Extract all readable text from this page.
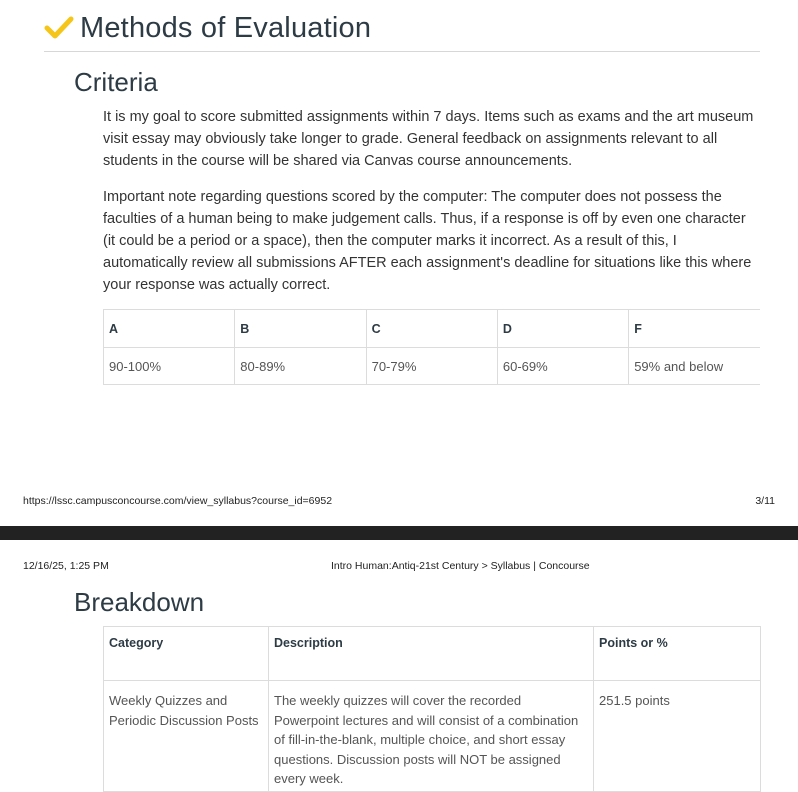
Methods of Evaluation
Criteria
It is my goal to score submitted assignments within 7 days. Items such as exams and the art museum visit essay may obviously take longer to grade. General feedback on assignments relevant to all students in the course will be shared via Canvas course announcements.
Important note regarding questions scored by the computer: The computer does not possess the faculties of a human being to make judgement calls. Thus, if a response is off by even one character (it could be a period or a space), then the computer marks it incorrect. As a result of this, I automatically review all submissions AFTER each assignment's deadline for situations like this where your response was actually correct.
A	B	C	D	F
90-100%	80-89%	70-79%	60-69%	59% and below
https://lssc.campusconcourse.com/view_syllabus?course_id=6952	3/11
12/16/25, 1:25 PM	Intro Human:Antiq-21st Century > Syllabus | Concourse
Breakdown
Category	Description	Points or %
Weekly Quizzes and Periodic Discussion Posts	The weekly quizzes will cover the recorded Powerpoint lectures and will consist of a combination of fill-in-the-blank, multiple choice, and short essay questions. Discussion posts will NOT be assigned every week.	251.5 points
